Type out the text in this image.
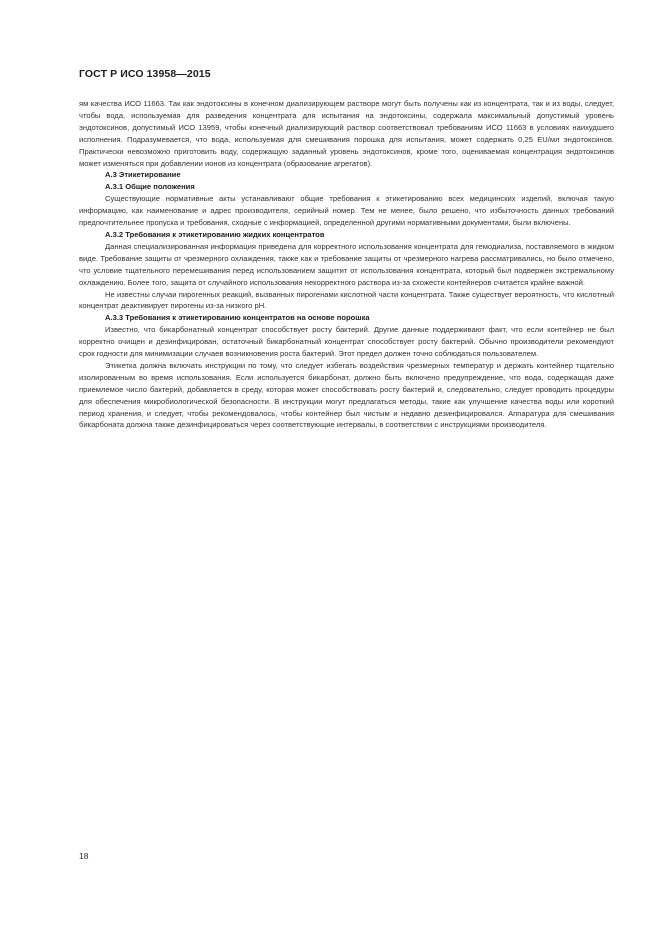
ГОСТ Р ИСО 13958—2015

ям качества ИСО 11663. Так как эндотоксины в конечном диализирующем растворе могут быть получены как из концентрата, так и из воды, следует, чтобы вода, используемая для разведения концентрата для испытания на эндотоксины, содержала максимальный допустимый уровень эндотоксинов, допустимый ИСО 13959, чтобы конечный диализирующий раствор соответствовал требованиям ИСО 11663 в условиях наихудшего исполнения. Подразумевается, что вода, используемая для смешивания порошка для испытания, может содержать 0,25 EU/мл эндотоксинов. Практически невозможно приготовить воду, содержащую заданный уровень эндотоксинов, кроме того, оцениваемая концентрация эндотоксинов может изменяться при добавлении ионов из концентрата (образование агрегатов).

А.3 Этикетирование
А.3.1 Общие положения

Существующие нормативные акты устанавливают общие требования к этикетированию всех медицинских изделий, включая такую информацию, как наименование и адрес производителя, серийный номер. Тем не менее, было решено, что избыточность данных требований предпочтительнее пропуска и требования, сходные с информацией, определенной другими нормативными документами, были включены.

А.3.2 Требования к этикетированию жидких концентратов

Данная специализированная информация приведена для корректного использования концентрата для гемодиализа, поставляемого в жидком виде. Требование защиты от чрезмерного охлаждения, также как и требование защиты от чрезмерного нагрева рассматривались, но было отмечено, что условие тщательного перемешивания перед использованием защитит от использования концентрата, который был подвержен экстремальному охлаждению. Более того, защита от случайного использования некорректного раствора из-за схожести контейнеров считается крайне важной.

Не известны случаи пирогенных реакций, вызванных пирогенами кислотной части концентрата. Также существует вероятность, что кислотный концентрат деактивирует пирогены из-за низкого pH.

А.3.3 Требования к этикетированию концентратов на основе порошка

Известно, что бикарбонатный концентрат способствует росту бактерий. Другие данные поддерживают факт, что если контейнер не был корректно очищен и дезинфицирован, остаточный бикарбонатный концентрат способствует росту бактерий. Обычно производители рекомендуют срок годности для минимизации случаев возникновения роста бактерий. Этот предел должен точно соблюдаться пользователем.

Этикетка должна включать инструкции по тому, что следует избегать воздействия чрезмерных температур и держать контейнер тщательно изолированным во время использования. Если используется бикарбонат, должно быть включено предупреждение, что вода, содержащая даже приемлемое число бактерий, добавляется в среду, которая может способствовать росту бактерий и, следовательно, следует проводить процедуры для обеспечения микробиологической безопасности. В инструкции могут предлагаться методы, такие как улучшение качества воды или короткий период хранения, и следует, чтобы рекомендовалось, чтобы контейнер был чистым и недавно дезинфицировался. Аппаратура для смешивания бикарбоната должна также дезинфицироваться через соответствующие интервалы, в соответствии с инструкциями производителя.

18
